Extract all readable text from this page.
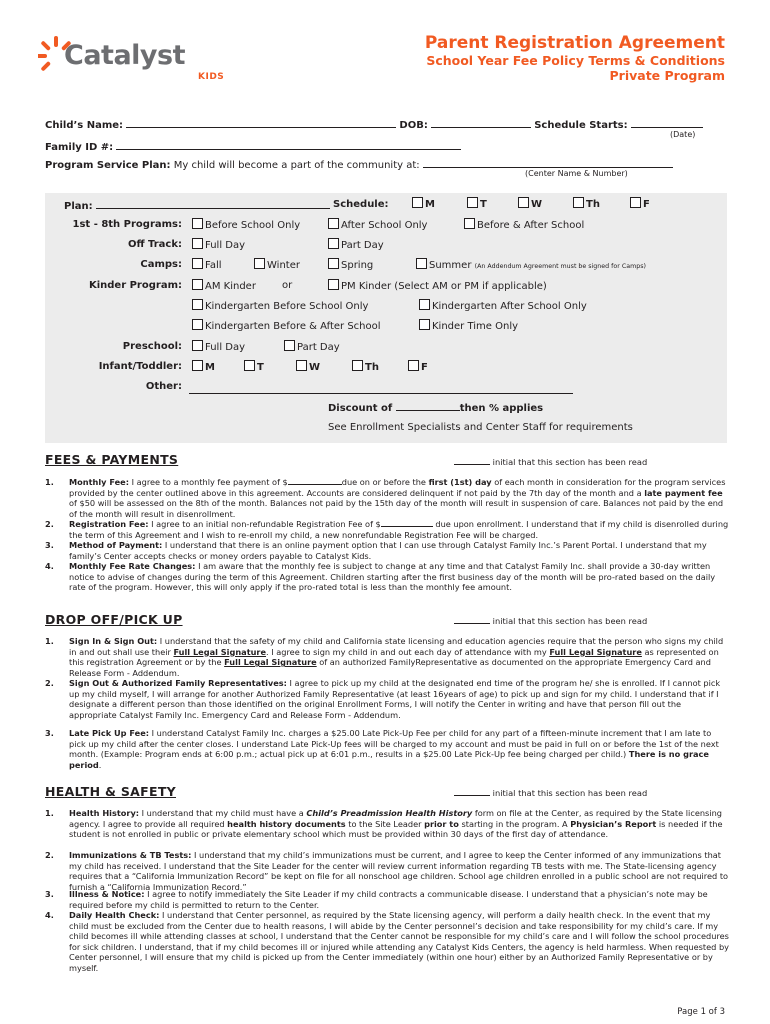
Catalyst
KIDS
Parent Registration Agreement
School Year Fee Policy Terms & Conditions
Private Program
Child’s Name:	DOB:	Schedule Starts:
(Date)
Family ID #:
Program Service Plan: My child will become a part of the community at:
(Center Name & Number)
Plan:	Schedule:	M	T	W	Th	F
1st - 8th Programs:	Before School Only	After School Only	Before & After School
Off Track:	Full Day	Part Day
Camps:	Fall	Winter	Spring	Summer (An Addendum Agreement must be signed for Camps)
Kinder Program:	AM Kinder	or	PM Kinder (Select AM or PM if applicable)
Kindergarten Before School Only	Kindergarten After School Only
Kindergarten Before & After School	Kinder Time Only
Preschool:	Full Day	Part Day
Infant/Toddler:	M	T	W	Th	F
Other:
Discount of	then % applies
See Enrollment Specialists and Center Staff for requirements
FEES & PAYMENTS	initial that this section has been read
1. Monthly Fee: I agree to a monthly fee payment of $	due on or before the first (1st) day of each month in consideration for the program services provided by the center outlined above in this agreement. Accounts are considered delinquent if not paid by the 7th day of the month and a late payment fee of $50 will be assessed on the 8th of the month. Balances not paid by the 15th day of the month will result in suspension of care. Balances not paid by the end of the month will result in disenrollment.
2. Registration Fee: I agree to an initial non-refundable Registration Fee of $	due upon enrollment. I understand that if my child is disenrolled during the term of this Agreement and I wish to re-enroll my child, a new nonrefundable Registration Fee will be charged.
3. Method of Payment: I understand that there is an online payment option that I can use through Catalyst Family Inc.’s Parent Portal. I understand that my family’s Center accepts checks or money orders payable to Catalyst Kids.
4. Monthly Fee Rate Changes: I am aware that the monthly fee is subject to change at any time and that Catalyst Family Inc. shall provide a 30-day written notice to advise of changes during the term of this Agreement. Children starting after the first business day of the month will be pro-rated based on the daily rate of the program. However, this will only apply if the pro-rated total is less than the monthly fee amount.
DROP OFF/PICK UP	initial that this section has been read
1. Sign In & Sign Out: I understand that the safety of my child and California state licensing and education agencies require that the person who signs my child in and out shall use their Full Legal Signature. I agree to sign my child in and out each day of attendance with my Full Legal Signature as represented on this registration Agreement or by the Full Legal Signature of an authorized FamilyRepresentative as documented on the appropriate Emergency Card and Release Form - Addendum.
2. Sign Out & Authorized Family Representatives: I agree to pick up my child at the designated end time of the program he/ she is enrolled. If I cannot pick up my child myself, I will arrange for another Authorized Family Representative (at least 16years of age) to pick up and sign for my child. I understand that if I designate a different person than those identified on the original Enrollment Forms, I will notify the Center in writing and have that person fill out the appropriate Catalyst Family Inc. Emergency Card and Release Form - Addendum.
3. Late Pick Up Fee: I understand Catalyst Family Inc. charges a $25.00 Late Pick-Up Fee per child for any part of a fifteen-minute increment that I am late to pick up my child after the center closes. I understand Late Pick-Up fees will be charged to my account and must be paid in full on or before the 1st of the next month. (Example: Program ends at 6:00 p.m.; actual pick up at 6:01 p.m., results in a $25.00 Late Pick-Up fee being charged per child.) There is no grace period.
HEALTH & SAFETY	initial that this section has been read
1. Health History: I understand that my child must have a Child’s Preadmission Health History form on file at the Center, as required by the State licensing agency. I agree to provide all required health history documents to the Site Leader prior to starting in the program. A Physician’s Report is needed if the student is not enrolled in public or private elementary school which must be provided within 30 days of the first day of attendance.
2. Immunizations & TB Tests: I understand that my child’s immunizations must be current, and I agree to keep the Center informed of any immunizations that my child has received. I understand that the Site Leader for the center will review current information regarding TB tests with me. The State-licensing agency requires that a “California Immunization Record” be kept on file for all nonschool age children. School age children enrolled in a public school are not required to furnish a “California Immunization Record.”
3. Illness & Notice: I agree to notify immediately the Site Leader if my child contracts a communicable disease. I understand that a physician’s note may be required before my child is permitted to return to the Center.
4. Daily Health Check: I understand that Center personnel, as required by the State licensing agency, will perform a daily health check. In the event that my child must be excluded from the Center due to health reasons, I will abide by the Center personnel’s decision and take responsibility for my child’s care. If my child becomes ill while attending classes at school, I understand that the Center cannot be responsible for my child’s care and I will follow the school procedures for sick children. I understand, that if my child becomes ill or injured while attending any Catalyst Kids Centers, the agency is held harmless. When requested by Center personnel, I will ensure that my child is picked up from the Center immediately (within one hour) either by an Authorized Family Representative or by myself.
Page 1 of 3
